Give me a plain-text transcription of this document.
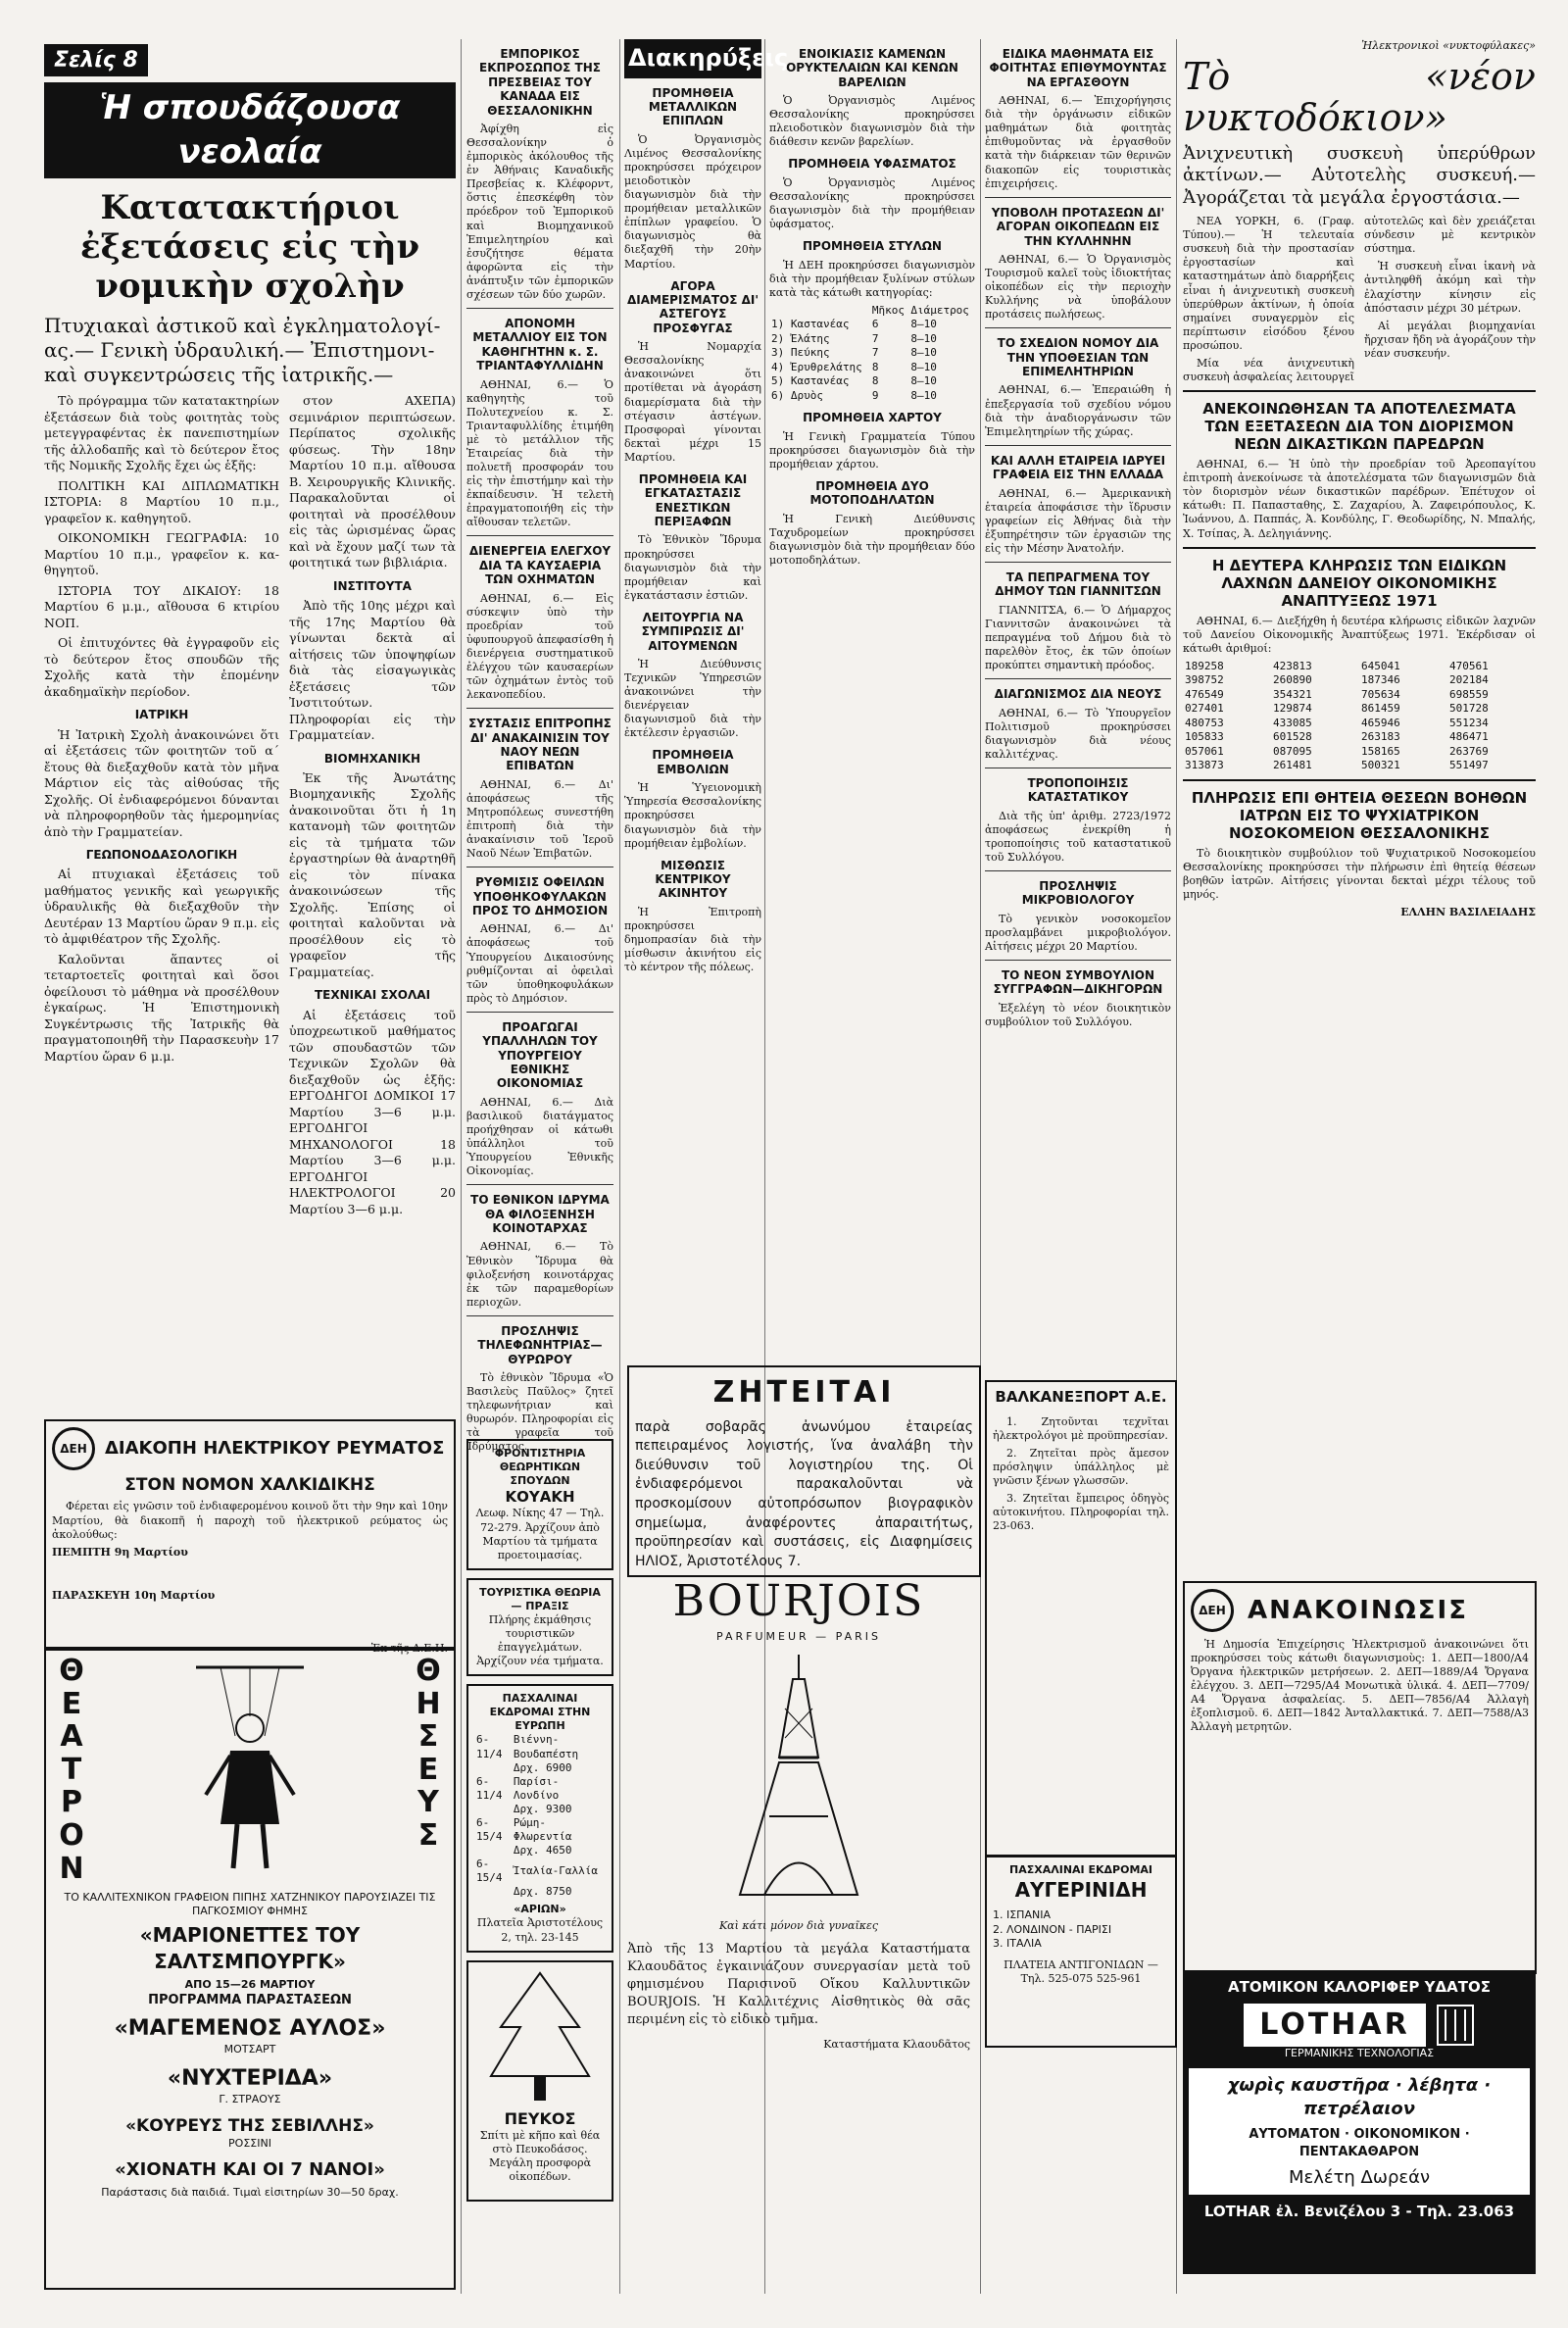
Σελίς 8
Ἡ σπουδάζουσα νεολαία
Κατατακτήριοι ἐξετάσεις εἰς τὴν νομικὴν σχολὴν
Πτυχιακαὶ ἀστικοῦ καὶ ἐγκληματολογίας.— Γενικὴ ὑδραυλική.— Ἐπιστημονικαὶ συγκεντρώσεις τῆς ἰατρικῆς.—

Τὸ πρόγραμμα τῶν κατατακτηρίων ἐξετάσεων διὰ τοὺς φοιτητὰς τοὺς μετεγγραφέντας ἐκ πανεπιστημίων τῆς ἀλλοδαπῆς καὶ τὸ δεύτερον ἔτος τῆς Νομικῆς Σχολῆς ἔχει ὡς ἑξῆς:

ΠΟΛΙΤΙΚΗ ΚΑΙ ΔΙΠΛΩΜΑΤΙΚΗ ΙΣΤΟΡΙΑ: 8 Μαρτίου 10 π.μ., γραφεῖον κ. καθηγητοῦ.

ΟΙΚΟΝΟΜΙΚΗ ΓΕΩΓΡΑΦΙΑ: 10 Μαρτίου 10 π.μ., γραφεῖον κ. καθηγητοῦ.

ΙΣΤΟΡΙΑ ΤΟΥ ΔΙΚΑΙΟΥ: 18 Μαρτίου 6 μ.μ., αἴθουσα 6 κτιρίου ΝΟΠ.

Οἱ ἐπιτυχόντες θὰ ἐγγραφοῦν εἰς τὸ δεύτερον ἔτος σπουδῶν τῆς Σχολῆς κατὰ τὴν ἐπομένην ἀκαδημαϊκὴν περίοδον.

ΙΑΤΡΙΚΗ

Ἡ Ἰατρικὴ Σχολὴ ἀνακοινώνει ὅτι αἱ ἐξετάσεις τῶν φοιτητῶν τοῦ α΄ ἔτους θὰ διεξαχθοῦν κατὰ τὸν μῆνα Μάρτιον εἰς τὰς αἰθούσας τῆς Σχολῆς. Οἱ ἐνδιαφερόμενοι δύνανται νὰ πληροφορηθοῦν τὰς ἡμερομηνίας ἀπὸ τὴν Γραμματείαν.

ΓΕΩΠΟΝΟΔΑΣΟΛΟΓΙΚΗ

Αἱ πτυχιακαὶ ἐξετάσεις τοῦ μαθήματος γενικῆς καὶ γεωργικῆς ὑδραυλικῆς θὰ διεξαχθοῦν τὴν Δευτέραν 13 Μαρτίου ὥραν 9 π.μ. εἰς τὸ ἀμφιθέατρον τῆς Σχολῆς.

Καλοῦνται ἅπαντες οἱ τεταρτοετεῖς φοιτηταὶ καὶ ὅσοι ὀφείλουσι τὸ μάθημα νὰ προσέλθουν ἐγκαίρως. Ἡ Ἐπιστημονικὴ Συγκέντρωσις τῆς Ἰατρικῆς θὰ πραγματοποιηθῆ τὴν Παρασκευὴν 17 Μαρτίου ὥραν 6 μ.μ.

στον ΑΧΕΠΑ) σεμινάριον περιπτώσεων. Περίπατος σχολικῆς φύσεως. Τὴν 18ην Μαρτίου 10 π.μ. αἴθουσα Β. Χειρουργικῆς Κλινικῆς. Παρακαλοῦνται οἱ φοιτηταὶ νὰ προσέλθουν εἰς τὰς ὡρισμένας ὥρας καὶ νὰ ἔχουν μαζί των τὰ φοιτητικά των βιβλιάρια.

ΙΝΣΤΙΤΟΥΤΑ

Ἀπὸ τῆς 10ης μέχρι καὶ τῆς 17ης Μαρτίου θὰ γίνωνται δεκτὰ αἱ αἰτήσεις τῶν ὑποψηφίων διὰ τὰς εἰσαγωγικὰς ἐξετάσεις τῶν Ἰνστιτούτων. Πληροφορίαι εἰς τὴν Γραμματείαν.

ΒΙΟΜΗΧΑΝΙΚΗ

Ἐκ τῆς Ἀνωτάτης Βιομηχανικῆς Σχολῆς ἀνακοινοῦται ὅτι ἡ 1η κατανομὴ τῶν φοιτητῶν εἰς τὰ τμήματα τῶν ἐργαστηρίων θὰ ἀναρτηθῆ εἰς τὸν πίνακα ἀνακοινώσεων τῆς Σχολῆς. Ἐπίσης οἱ φοιτηταὶ καλοῦνται νὰ προσέλθουν εἰς τὸ γραφεῖον τῆς Γραμματείας.

ΤΕΧΝΙΚΑΙ ΣΧΟΛΑΙ

Αἱ ἐξετάσεις τοῦ ὑποχρεωτικοῦ μαθήματος τῶν σπουδαστῶν τῶν Τεχνικῶν Σχολῶν θὰ διεξαχθοῦν ὡς ἑξῆς: ΕΡΓΟΔΗΓΟΙ ΔΟΜΙΚΟΙ 17 Μαρτίου 3—6 μ.μ. ΕΡΓΟΔΗΓΟΙ ΜΗΧΑΝΟΛΟΓΟΙ 18 Μαρτίου 3—6 μ.μ. ΕΡΓΟΔΗΓΟΙ ΗΛΕΚΤΡΟΛΟΓΟΙ 20 Μαρτίου 3—6 μ.μ.

ΔΕΗ	ΔΙΑΚΟΠΗ ΗΛΕΚΤΡΙΚΟΥ ΡΕΥΜΑΤΟΣ
ΣΤΟΝ ΝΟΜΟΝ ΧΑΛΚΙΔΙΚΗΣ

Φέρεται εἰς γνῶσιν τοῦ ἐνδιαφερομένου κοινοῦ ὅτι τὴν 9ην καὶ 10ην Μαρτίου, θὰ διακοπῆ ἡ παροχὴ τοῦ ἠλεκτρικοῦ ρεύματος ὡς ἀκολούθως:

ΠΕΜΠΤΗ 9η Μαρτίου
ΠΑΡΑΣΚΕΥΗ 10η Μαρτίου
Ἐκ τῆς Δ.Ε.Η.
Θ
Ε
Α
Τ
Ρ
Ο
Ν
Θ
Η
Σ
Ε
Υ
Σ
ΤΟ ΚΑΛΛΙΤΕΧΝΙΚΟΝ ΓΡΑΦΕΙΟΝ ΠΙΠΗΣ ΧΑΤΖΗΝΙΚΟΥ ΠΑΡΟΥΣΙΑΖΕΙ ΤΙΣ ΠΑΓΚΟΣΜΙΟΥ ΦΗΜΗΣ
«ΜΑΡΙΟΝΕΤΤΕΣ ΤΟΥ ΣΑΛΤΣΜΠΟΥΡΓΚ»
ΑΠΟ 15—26 ΜΑΡΤΙΟΥ
ΠΡΟΓΡΑΜΜΑ ΠΑΡΑΣΤΑΣΕΩΝ
«ΜΑΓΕΜΕΝΟΣ ΑΥΛΟΣ»
ΜΟΤΣΑΡΤ
«ΝΥΧΤΕΡΙΔΑ»
Γ. ΣΤΡΑΟΥΣ
«ΚΟΥΡΕΥΣ ΤΗΣ ΣΕΒΙΛΛΗΣ»
ΡΟΣΣΙΝΙ
«ΧΙΟΝΑΤΗ ΚΑΙ ΟΙ 7 ΝΑΝΟΙ»
Παράστασις διὰ παιδιά. Τιμαὶ εἰσιτηρίων 30—50 δραχ.
ΕΜΠΟΡΙΚΟΣ ΕΚΠΡΟΣΩΠΟΣ ΤΗΣ ΠΡΕΣΒΕΙΑΣ ΤΟΥ ΚΑΝΑΔΑ ΕΙΣ ΘΕΣΣΑΛΟΝΙΚΗΝ

Ἀφίχθη εἰς Θεσσαλονίκην ὁ ἐμπορικὸς ἀκόλουθος τῆς ἐν Ἀθήναις Καναδικῆς Πρεσβείας κ. Κλέφορντ, ὅστις ἐπεσκέφθη τὸν πρόεδρον τοῦ Ἐμπορικοῦ καὶ Βιομηχανικοῦ Ἐπιμελητηρίου καὶ ἐσυζήτησε θέματα ἀφορῶντα εἰς τὴν ἀνάπτυξιν τῶν ἐμπορικῶν σχέσεων τῶν δύο χωρῶν.

ΑΠΟΝΟΜΗ ΜΕΤΑΛΛΙΟΥ ΕΙΣ ΤΟΝ ΚΑΘΗΓΗΤΗΝ κ. Σ. ΤΡΙΑΝΤΑΦΥΛΛΙΔΗΝ

ΑΘΗΝΑΙ, 6.— Ὁ καθηγητὴς τοῦ Πολυτεχνείου κ. Σ. Τριανταφυλλίδης ἐτιμήθη μὲ τὸ μετάλλιον τῆς Ἑταιρείας διὰ τὴν πολυετῆ προσφοράν του εἰς τὴν ἐπιστήμην καὶ τὴν ἐκπαίδευσιν. Ἡ τελετὴ ἐπραγματοποιήθη εἰς τὴν αἴθουσαν τελετῶν.

ΔΙΕΝΕΡΓΕΙΑ ΕΛΕΓΧΟΥ ΔΙΑ ΤΑ ΚΑΥΣΑΕΡΙΑ ΤΩΝ ΟΧΗΜΑΤΩΝ

ΑΘΗΝΑΙ, 6.— Εἰς σύσκεψιν ὑπὸ τὴν προεδρίαν τοῦ ὑφυπουργοῦ ἀπεφασίσθη ἡ διενέργεια συστηματικοῦ ἐλέγχου τῶν καυσαερίων τῶν ὀχημάτων ἐντὸς τοῦ λεκανοπεδίου.

ΣΥΣΤΑΣΙΣ ΕΠΙΤΡΟΠΗΣ ΔΙ' ΑΝΑΚΑΙΝΙΣΙΝ ΤΟΥ ΝΑΟΥ ΝΕΩΝ ΕΠΙΒΑΤΩΝ

ΑΘΗΝΑΙ, 6.— Δι' ἀποφάσεως τῆς Μητροπόλεως συνεστήθη ἐπιτροπὴ διὰ τὴν ἀνακαίνισιν τοῦ Ἱεροῦ Ναοῦ Νέων Ἐπιβατῶν.

ΡΥΘΜΙΣΙΣ ΟΦΕΙΛΩΝ ΥΠΟΘΗΚΟΦΥΛΑΚΩΝ ΠΡΟΣ ΤΟ ΔΗΜΟΣΙΟΝ

ΑΘΗΝΑΙ, 6.— Δι' ἀποφάσεως τοῦ Ὑπουργείου Δικαιοσύνης ρυθμίζονται αἱ ὀφειλαὶ τῶν ὑποθηκοφυλάκων πρὸς τὸ Δημόσιον.

ΠΡΟΑΓΩΓΑΙ ΥΠΑΛΛΗΛΩΝ ΤΟΥ ΥΠΟΥΡΓΕΙΟΥ ΕΘΝΙΚΗΣ ΟΙΚΟΝΟΜΙΑΣ

ΑΘΗΝΑΙ, 6.— Διὰ βασιλικοῦ διατάγματος προήχθησαν οἱ κάτωθι ὑπάλληλοι τοῦ Ὑπουργείου Ἐθνικῆς Οἰκονομίας.

ΤΟ ΕΘΝΙΚΟΝ ΙΔΡΥΜΑ ΘΑ ΦΙΛΟΞΕΝΗΣΗ ΚΟΙΝΟΤΑΡΧΑΣ

ΑΘΗΝΑΙ, 6.— Τὸ Ἐθνικὸν Ἵδρυμα θὰ φιλοξενήση κοινοτάρχας ἐκ τῶν παραμεθορίων περιοχῶν.

ΠΡΟΣΛΗΨΙΣ ΤΗΛΕΦΩΝΗΤΡΙΑΣ—ΘΥΡΩΡΟΥ

Τὸ ἐθνικὸν Ἵδρυμα «Ὁ Βασιλεὺς Παῦλος» ζητεῖ τηλεφωνήτριαν καὶ θυρωρόν. Πληροφορίαι εἰς τὰ γραφεῖα τοῦ Ἱδρύματος.

ΦΡΟΝΤΙΣΤΗΡΙΑ ΘΕΩΡΗΤΙΚΩΝ ΣΠΟΥΔΩΝ
ΚΟΥΑΚΗ
Λεωφ. Νίκης 47 — Τηλ. 72-279. Ἀρχίζουν ἀπὸ Μαρτίου τὰ τμήματα προετοιμασίας.
ΤΟΥΡΙΣΤΙΚΑ ΘΕΩΡΙΑ — ΠΡΑΞΙΣ
Πλήρης ἐκμάθησις τουριστικῶν ἐπαγγελμάτων. Ἀρχίζουν νέα τμήματα.
ΠΑΣΧΑΛΙΝΑΙ ΕΚΔΡΟΜΑΙ ΣΤΗΝ ΕΥΡΩΠΗ
6-11/4	Βιέννη-Βουδαπέστη
	Δρχ. 6900
6-11/4	Παρίσι-Λονδίνο
	Δρχ. 9300
6-15/4	Ρώμη-Φλωρεντία
	Δρχ. 4650
6-15/4	Ἰταλία-Γαλλία
	Δρχ. 8750
«ΑΡΙΩΝ»
Πλατεῖα Ἀριστοτέλους 2, τηλ. 23-145
ΠΕΥΚΟΣ
Σπίτι μὲ κῆπο καὶ θέα στὸ Πευκοδάσος. Μεγάλη προσφορὰ οἰκοπέδων.
Διακηρύξεις
ΠΡΟΜΗΘΕΙΑ ΜΕΤΑΛΛΙΚΩΝ ΕΠΙΠΛΩΝ

Ὁ Ὀργανισμὸς Λιμένος Θεσσαλονίκης προκηρύσσει πρόχειρον μειοδοτικὸν διαγωνισμὸν διὰ τὴν προμήθειαν μεταλλικῶν ἐπίπλων γραφείου. Ὁ διαγωνισμὸς θὰ διεξαχθῆ τὴν 20ὴν Μαρτίου.

ΑΓΟΡΑ ΔΙΑΜΕΡΙΣΜΑΤΟΣ ΔΙ' ΑΣΤΕΓΟΥΣ ΠΡΟΣΦΥΓΑΣ

Ἡ Νομαρχία Θεσσαλονίκης ἀνακοινώνει ὅτι προτίθεται νὰ ἀγοράση διαμερίσματα διὰ τὴν στέγασιν ἀστέγων. Προσφοραὶ γίνονται δεκταὶ μέχρι 15 Μαρτίου.

ΠΡΟΜΗΘΕΙΑ ΚΑΙ ΕΓΚΑΤΑΣΤΑΣΙΣ ΕΝΕΣΤΙΚΩΝ ΠΕΡΙΞΑΦΩΝ

Τὸ Ἐθνικὸν Ἵδρυμα προκηρύσσει διαγωνισμὸν διὰ τὴν προμήθειαν καὶ ἐγκατάστασιν ἑστιῶν.

ΛΕΙΤΟΥΡΓΙΑ ΝΑ ΣΥΜΠΙΡΩΣΙΣ ΔΙ' ΑΙΤΟΥΜΕΝΩΝ

Ἡ Διεύθυνσις Τεχνικῶν Ὑπηρεσιῶν ἀνακοινώνει τὴν διενέργειαν διαγωνισμοῦ διὰ τὴν ἐκτέλεσιν ἐργασιῶν.

ΠΡΟΜΗΘΕΙΑ ΕΜΒΟΛΙΩΝ

Ἡ Ὑγειονομικὴ Ὑπηρεσία Θεσσαλονίκης προκηρύσσει διαγωνισμὸν διὰ τὴν προμήθειαν ἐμβολίων.

ΜΙΣΘΩΣΙΣ ΚΕΝΤΡΙΚΟΥ ΑΚΙΝΗΤΟΥ

Ἡ Ἐπιτροπὴ προκηρύσσει δημοπρασίαν διὰ τὴν μίσθωσιν ἀκινήτου εἰς τὸ κέντρον τῆς πόλεως.

ΕΝΟΙΚΙΑΣΙΣ ΚΑΜΕΝΩΝ ΟΡΥΚΤΕΛΑΙΩΝ ΚΑΙ ΚΕΝΩΝ ΒΑΡΕΛΙΩΝ

Ὁ Ὀργανισμὸς Λιμένος Θεσσαλονίκης προκηρύσσει πλειοδοτικὸν διαγωνισμὸν διὰ τὴν διάθεσιν κενῶν βαρελίων.

ΠΡΟΜΗΘΕΙΑ ΥΦΑΣΜΑΤΟΣ

Ὁ Ὀργανισμὸς Λιμένος Θεσσαλονίκης προκηρύσσει διαγωνισμὸν διὰ τὴν προμήθειαν ὑφάσματος.

ΠΡΟΜΗΘΕΙΑ ΣΤΥΛΩΝ

Ἡ ΔΕΗ προκηρύσσει διαγωνισμὸν διὰ τὴν προμήθειαν ξυλίνων στύλων κατὰ τὰς κάτωθι κατηγορίας:

	Μῆκος	Διάμετρος
1) Καστανέας	6	8—10
2) Ἐλάτης	7	8—10
3) Πεύκης	7	8—10
4) Ἐρυθρελάτης	8	8—10
5) Καστανέας	8	8—10
6) Δρυὸς	9	8—10
ΠΡΟΜΗΘΕΙΑ ΧΑΡΤΟΥ

Ἡ Γενικὴ Γραμματεία Τύπου προκηρύσσει διαγωνισμὸν διὰ τὴν προμήθειαν χάρτου.

ΠΡΟΜΗΘΕΙΑ ΔΥΟ ΜΟΤΟΠΟΔΗΛΑΤΩΝ

Ἡ Γενικὴ Διεύθυνσις Ταχυδρομείων προκηρύσσει διαγωνισμὸν διὰ τὴν προμήθειαν δύο μοτοποδηλάτων.

ΖΗΤΕΙΤΑΙ
παρὰ σοβαρᾶς ἀνωνύμου ἑταιρείας πεπειραμένος λογιστής, ἵνα ἀναλάβη τὴν διεύθυνσιν τοῦ λογιστηρίου της. Οἱ ἐνδιαφερόμενοι παρακαλοῦνται νὰ προσκομίσουν αὐτοπρόσωπον βιογραφικὸν σημείωμα, ἀναφέροντες ἀπαραιτήτως, προϋπηρεσίαν καὶ συστάσεις, εἰς Διαφημίσεις ΗΛΙΟΣ, Ἀριστοτέλους 7.
BOURJOIS
PARFUMEUR — PARIS
Καὶ κάτι μόνον διὰ γυναῖκες
Ἀπὸ τῆς 13 Μαρτίου τὰ μεγάλα Καταστήματα Κλαουδᾶτος ἐγκαινιάζουν συνεργασίαν μετὰ τοῦ φημισμένου Παρισινοῦ Οἴκου Καλλυντικῶν BOURJOIS. Ἡ Καλλιτέχνις Αἰσθητικὸς θὰ σᾶς περιμένη εἰς τὸ εἰδικὸ τμῆμα.
Καταστήματα Κλαουδᾶτος
ΕΙΔΙΚΑ ΜΑΘΗΜΑΤΑ ΕΙΣ ΦΟΙΤΗΤΑΣ ΕΠΙΘΥΜΟΥΝΤΑΣ ΝΑ ΕΡΓΑΣΘΟΥΝ

ΑΘΗΝΑΙ, 6.— Ἐπιχορήγησις διὰ τὴν ὀργάνωσιν εἰδικῶν μαθημάτων διὰ φοιτητὰς ἐπιθυμοῦντας νὰ ἐργασθοῦν κατὰ τὴν διάρκειαν τῶν θερινῶν διακοπῶν εἰς τουριστικὰς ἐπιχειρήσεις.

ΥΠΟΒΟΛΗ ΠΡΟΤΑΣΕΩΝ ΔΙ' ΑΓΟΡΑΝ ΟΙΚΟΠΕΔΩΝ ΕΙΣ ΤΗΝ ΚΥΛΛΗΝΗΝ

ΑΘΗΝΑΙ, 6.— Ὁ Ὀργανισμὸς Τουρισμοῦ καλεῖ τοὺς ἰδιοκτήτας οἰκοπέδων εἰς τὴν περιοχὴν Κυλλήνης νὰ ὑποβάλουν προτάσεις πωλήσεως.

ΤΟ ΣΧΕΔΙΟΝ ΝΟΜΟΥ ΔΙΑ ΤΗΝ ΥΠΟΘΕΣΙΑΝ ΤΩΝ ΕΠΙΜΕΛΗΤΗΡΙΩΝ

ΑΘΗΝΑΙ, 6.— Ἐπεραιώθη ἡ ἐπεξεργασία τοῦ σχεδίου νόμου διὰ τὴν ἀναδιοργάνωσιν τῶν Ἐπιμελητηρίων τῆς χώρας.

ΚΑΙ ΑΛΛΗ ΕΤΑΙΡΕΙΑ ΙΔΡΥΕΙ ΓΡΑΦΕΙΑ ΕΙΣ ΤΗΝ ΕΛΛΑΔΑ

ΑΘΗΝΑΙ, 6.— Ἀμερικανικὴ ἑταιρεία ἀποφάσισε τὴν ἵδρυσιν γραφείων εἰς Ἀθήνας διὰ τὴν ἐξυπηρέτησιν τῶν ἐργασιῶν της εἰς τὴν Μέσην Ἀνατολήν.

ΤΑ ΠΕΠΡΑΓΜΕΝΑ ΤΟΥ ΔΗΜΟΥ ΤΩΝ ΓΙΑΝΝΙΤΣΩΝ

ΓΙΑΝΝΙΤΣΑ, 6.— Ὁ Δήμαρχος Γιαννιτσῶν ἀνακοινώνει τὰ πεπραγμένα τοῦ Δήμου διὰ τὸ παρελθὸν ἔτος, ἐκ τῶν ὁποίων προκύπτει σημαντικὴ πρόοδος.

ΔΙΑΓΩΝΙΣΜΟΣ ΔΙΑ ΝΕΟΥΣ

ΑΘΗΝΑΙ, 6.— Τὸ Ὑπουργεῖον Πολιτισμοῦ προκηρύσσει διαγωνισμὸν διὰ νέους καλλιτέχνας.

ΤΡΟΠΟΠΟΙΗΣΙΣ ΚΑΤΑΣΤΑΤΙΚΟΥ

Διὰ τῆς ὑπ' ἀριθμ. 2723/1972 ἀποφάσεως ἐνεκρίθη ἡ τροποποίησις τοῦ καταστατικοῦ τοῦ Συλλόγου.

ΠΡΟΣΛΗΨΙΣ ΜΙΚΡΟΒΙΟΛΟΓΟΥ

Τὸ γενικὸν νοσοκομεῖον προσλαμβάνει μικροβιολόγον. Αἰτήσεις μέχρι 20 Μαρτίου.

ΤΟ ΝΕΟΝ ΣΥΜΒΟΥΛΙΟΝ ΣΥΓΓΡΑΦΩΝ—ΔΙΚΗΓΟΡΩΝ

Ἐξελέγη τὸ νέον διοικητικὸν συμβούλιον τοῦ Συλλόγου.

ΒΑΛΚΑΝΕΞΠΟΡΤ Α.Ε.

1. Ζητοῦνται τεχνῖται ἠλεκτρολόγοι μὲ προϋπηρεσίαν.

2. Ζητεῖται πρὸς ἄμεσον πρόσληψιν ὑπάλληλος μὲ γνῶσιν ξένων γλωσσῶν.

3. Ζητεῖται ἔμπειρος ὁδηγὸς αὐτοκινήτου. Πληροφορίαι τηλ. 23-063.

ΠΑΣΧΑΛΙΝΑΙ ΕΚΔΡΟΜΑΙ
ΑΥΓΕΡΙΝΙΔΗ
1. ΙΣΠΑΝΙΑ
2. ΛΟΝΔΙΝΟΝ - ΠΑΡΙΣΙ
3. ΙΤΑΛΙΑ
ΠΛΑΤΕΙΑ ΑΝΤΙΓΟΝΙΔΩΝ — Τηλ. 525-075 525-961
Ἠλεκτρονικοὶ «νυκτοφύλακες»
Τὸ «νέον νυκτοδόκιον»
Ἀνιχνευτικὴ συσκευὴ ὑπερύθρων ἀκτίνων.— Αὐτοτελὴς συσκευή.— Ἀγοράζεται τὰ μεγάλα ἐργοστάσια.—

ΝΕΑ ΥΟΡΚΗ, 6. (Γραφ. Τύπου).— Ἡ τελευταία συσκευὴ διὰ τὴν προστασίαν ἐργοστασίων καὶ καταστημάτων ἀπὸ διαρρήξεις εἶναι ἡ ἀνιχνευτικὴ συσκευὴ ὑπερύθρων ἀκτίνων, ἡ ὁποία σημαίνει συναγερμὸν εἰς περίπτωσιν εἰσόδου ξένου προσώπου.

Μία νέα ἀνιχνευτικὴ συσκευὴ ἀσφαλείας λειτουργεῖ αὐτοτελῶς καὶ δὲν χρειάζεται σύνδεσιν μὲ κεντρικὸν σύστημα.

Ἡ συσκευὴ εἶναι ἱκανὴ νὰ ἀντιληφθῆ ἀκόμη καὶ τὴν ἐλαχίστην κίνησιν εἰς ἀπόστασιν μέχρι 30 μέτρων.

Αἱ μεγάλαι βιομηχανίαι ἤρχισαν ἤδη νὰ ἀγοράζουν τὴν νέαν συσκευήν.

ΑΝΕΚΟΙΝΩΘΗΣΑΝ ΤΑ ΑΠΟΤΕΛΕΣΜΑΤΑ ΤΩΝ ΕΞΕΤΑΣΕΩΝ ΔΙΑ ΤΟΝ ΔΙΟΡΙΣΜΟΝ ΝΕΩΝ ΔΙΚΑΣΤΙΚΩΝ ΠΑΡΕΔΡΩΝ

ΑΘΗΝΑΙ, 6.— Ἡ ὑπὸ τὴν προεδρίαν τοῦ Ἀρεοπαγίτου ἐπιτροπὴ ἀνεκοίνωσε τὰ ἀποτελέσματα τῶν διαγωνισμῶν διὰ τὸν διορισμὸν νέων δικαστικῶν παρέδρων. Ἐπέτυχον οἱ κάτωθι: Π. Παπασταθης, Σ. Ζαχαρίου, Ἀ. Ζαφειρόπουλος, Κ. Ἰωάννου, Δ. Παππάς, Ἀ. Κονδύλης, Γ. Θεοδωρίδης, Ν. Μπαλής, Χ. Τσίπας, Ἀ. Δεληγιάννης.

Η ΔΕΥΤΕΡΑ ΚΛΗΡΩΣΙΣ ΤΩΝ ΕΙΔΙΚΩΝ ΛΑΧΝΩΝ ΔΑΝΕΙΟΥ ΟΙΚΟΝΟΜΙΚΗΣ ΑΝΑΠΤΥΞΕΩΣ 1971

ΑΘΗΝΑΙ, 6.— Διεξήχθη ἡ δευτέρα κλήρωσις εἰδικῶν λαχνῶν τοῦ Δανείου Οἰκονομικῆς Ἀναπτύξεως 1971. Ἐκέρδισαν οἱ κάτωθι ἀριθμοί:

189258	423813	645041	470561
398752	260890	187346	202184
476549	354321	705634	698559
027401	129874	861459	501728
480753	433085	465946	551234
105833	601528	263183	486471
057061	087095	158165	263769
313873	261481	500321	551497
ΠΛΗΡΩΣΙΣ ΕΠΙ ΘΗΤΕΙΑ ΘΕΣΕΩΝ ΒΟΗΘΩΝ ΙΑΤΡΩΝ ΕΙΣ ΤΟ ΨΥΧΙΑΤΡΙΚΟΝ ΝΟΣΟΚΟΜΕΙΟΝ ΘΕΣΣΑΛΟΝΙΚΗΣ

Τὸ διοικητικὸν συμβούλιον τοῦ Ψυχιατρικοῦ Νοσοκομείου Θεσσαλονίκης προκηρύσσει τὴν πλήρωσιν ἐπὶ θητείᾳ θέσεων βοηθῶν ἰατρῶν. Αἰτήσεις γίνονται δεκταὶ μέχρι τέλους τοῦ μηνός.

ΕΛΛΗΝ ΒΑΣΙΛΕΙΑΔΗΣ
ΔΕΗ ΑΝΑΚΟΙΝΩΣΙΣ

Ἡ Δημοσία Ἐπιχείρησις Ἠλεκτρισμοῦ ἀνακοινώνει ὅτι προκηρύσσει τοὺς κάτωθι διαγωνισμοὺς: 1. ΔΕΠ—1800/Α4 Ὀργανα ἠλεκτρικῶν μετρήσεων. 2. ΔΕΠ—1889/Α4 Ὄργανα ἐλέγχου. 3. ΔΕΠ—7295/Α4 Μονωτικὰ ὑλικά. 4. ΔΕΠ—7709/Α4 Ὄργανα ἀσφαλείας. 5. ΔΕΠ—7856/Α4 Ἀλλαγὴ ἐξοπλισμοῦ. 6. ΔΕΠ—1842 Ἀνταλλακτικά. 7. ΔΕΠ—7588/Α3 Ἀλλαγὴ μετρητῶν.

ΑΤΟΜΙΚΟΝ ΚΑΛΟΡΙΦΕΡ ΥΔΑΤΟΣ
LOTHAR
ΓΕΡΜΑΝΙΚΗΣ ΤΕΧΝΟΛΟΓΙΑΣ
χωρὶς καυστῆρα · λέβητα · πετρέλαιον
ΑΥΤΟΜΑΤΟΝ · ΟΙΚΟΝΟΜΙΚΟΝ · ΠΕΝΤΑΚΑΘΑΡΟΝ
Μελέτη Δωρεάν
LOTHAR ἐλ. Βενιζέλου 3 - Τηλ. 23.063
